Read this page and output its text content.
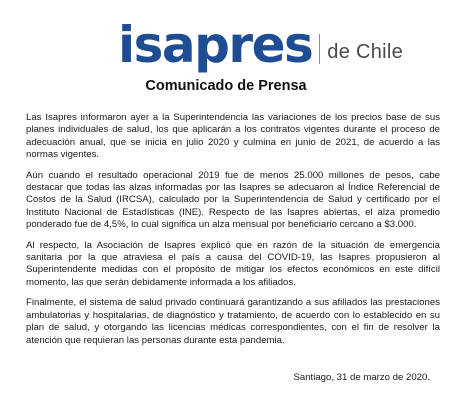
isapres de Chile
Comunicado de Prensa

Las Isapres informaron ayer a la Superintendencia las variaciones de los precios base de sus planes individuales de salud, los que aplicarán a los contratos vigentes durante el proceso de adecuación anual, que se inicia en julio 2020 y culmina en junio de 2021, de acuerdo a las normas vigentes.

Aún cuando el resultado operacional 2019 fue de menos 25.000 millones de pesos, cabe destacar que todas las alzas informadas por las Isapres se adecuaron al Índice Referencial de Costos de la Salud (IRCSA), calculado por la Superintendencia de Salud y certificado por el Instituto Nacional de Estadísticas (INE). Respecto de las Isapres abiertas, el alza promedio ponderado fue de 4,5%, lo cual significa un alza mensual por beneficiario cercano a $3.000.

Al respecto, la Asociación de Isapres explicó que en razón de la situación de emergencia sanitaria por la que atraviesa el país a causa del COVID-19, las Isapres propusieron al Superintendente medidas con el propósito de mitigar los efectos económicos en este difícil momento, las que serán debidamente informada a los afiliados.

Finalmente, el sistema de salud privado continuará garantizando a sus afiliados las prestaciones ambulatorias y hospitalarias, de diagnóstico y tratamiento, de acuerdo con lo establecido en su plan de salud, y otorgando las licencias médicas correspondientes, con el fin de resolver la atención que requieran las personas durante esta pandemia.

Santiago, 31 de marzo de 2020.
